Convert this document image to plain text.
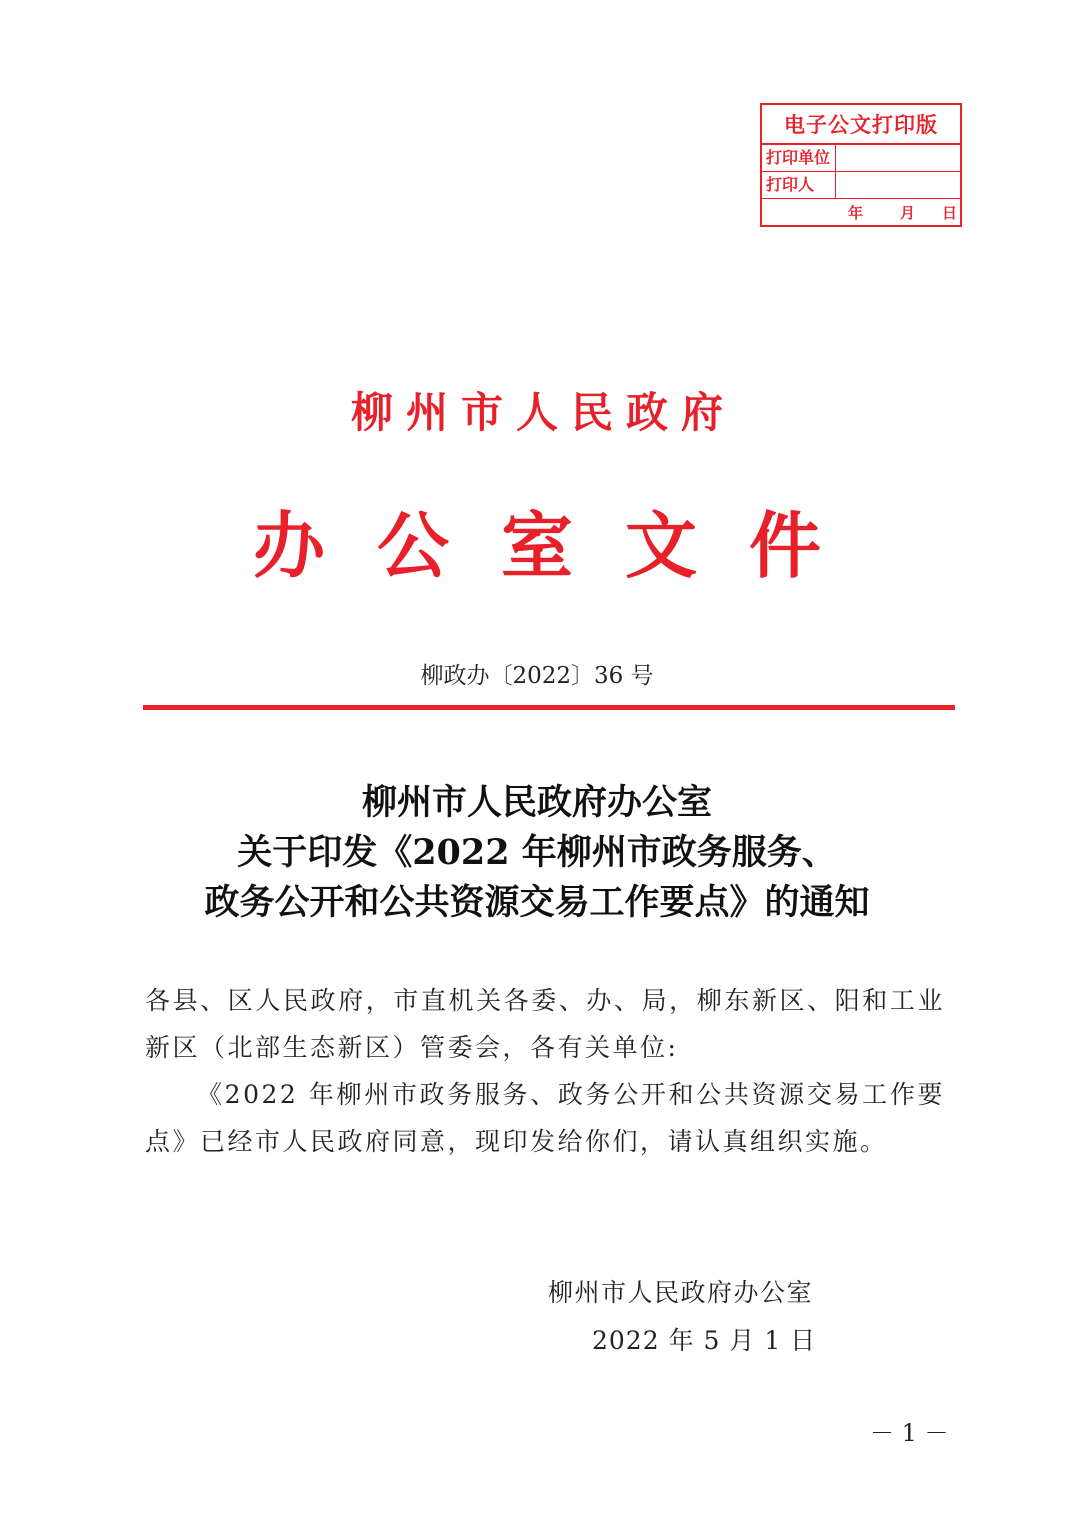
电子公文打印版
打印单位
打印人
年 月 日
柳州市人民政府
办公室文件
柳政办〔2022〕36 号
柳州市人民政府办公室
关于印发《2022 年柳州市政务服务、
政务公开和公共资源交易工作要点》的通知

各县、区人民政府，市直机关各委、办、局，柳东新区、阳和工业新区（北部生态新区）管委会，各有关单位:

《2022 年柳州市政务服务、政务公开和公共资源交易工作要点》已经市人民政府同意，现印发给你们，请认真组织实施。

柳州市人民政府办公室
2022 年 5 月 1 日
－ 1 －
